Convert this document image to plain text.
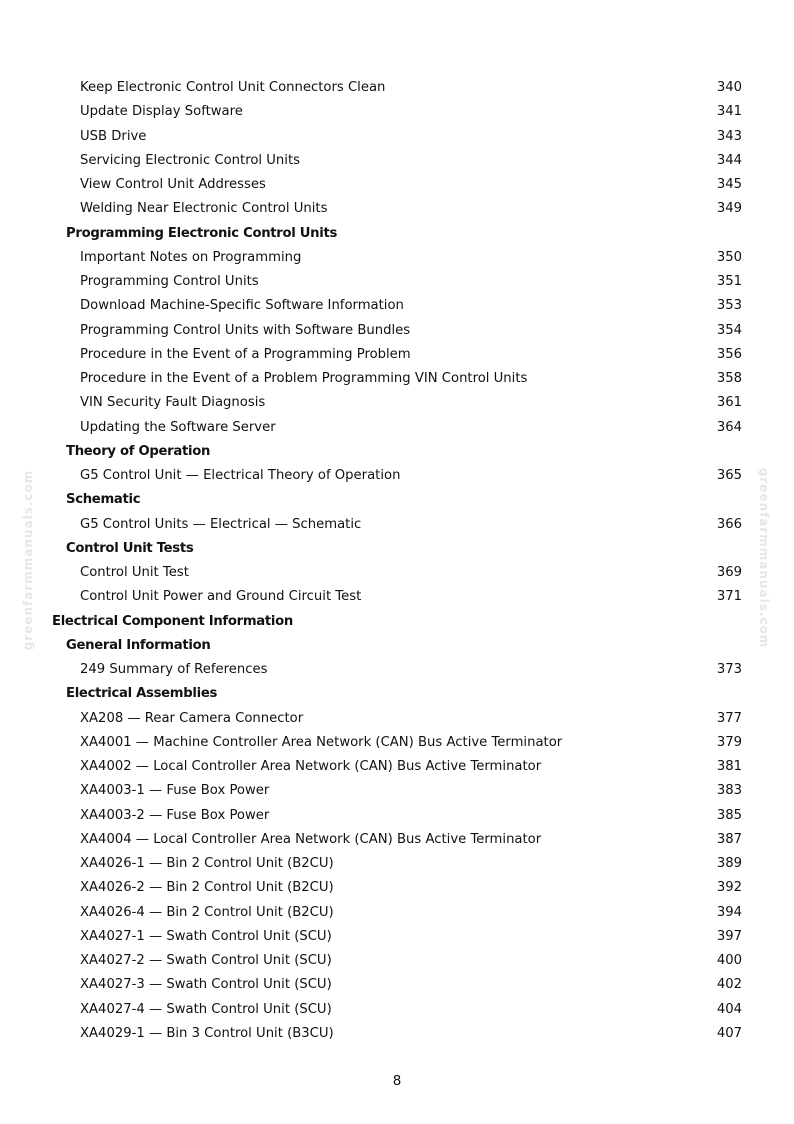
greenfarmmanuals.com	greenfarmmanuals.com
Keep Electronic Control Unit Connectors Clean	340
Update Display Software	341
USB Drive	343
Servicing Electronic Control Units	344
View Control Unit Addresses	345
Welding Near Electronic Control Units	349
Programming Electronic Control Units
Important Notes on Programming	350
Programming Control Units	351
Download Machine-Specific Software Information	353
Programming Control Units with Software Bundles	354
Procedure in the Event of a Programming Problem	356
Procedure in the Event of a Problem Programming VIN Control Units	358
VIN Security Fault Diagnosis	361
Updating the Software Server	364
Theory of Operation
G5 Control Unit — Electrical Theory of Operation	365
Schematic
G5 Control Units — Electrical — Schematic	366
Control Unit Tests
Control Unit Test	369
Control Unit Power and Ground Circuit Test	371
Electrical Component Information
General Information
249 Summary of References	373
Electrical Assemblies
XA208 — Rear Camera Connector	377
XA4001 — Machine Controller Area Network (CAN) Bus Active Terminator	379
XA4002 — Local Controller Area Network (CAN) Bus Active Terminator	381
XA4003-1 — Fuse Box Power	383
XA4003-2 — Fuse Box Power	385
XA4004 — Local Controller Area Network (CAN) Bus Active Terminator	387
XA4026-1 — Bin 2 Control Unit (B2CU)	389
XA4026-2 — Bin 2 Control Unit (B2CU)	392
XA4026-4 — Bin 2 Control Unit (B2CU)	394
XA4027-1 — Swath Control Unit (SCU)	397
XA4027-2 — Swath Control Unit (SCU)	400
XA4027-3 — Swath Control Unit (SCU)	402
XA4027-4 — Swath Control Unit (SCU)	404
XA4029-1 — Bin 3 Control Unit (B3CU)	407
8
